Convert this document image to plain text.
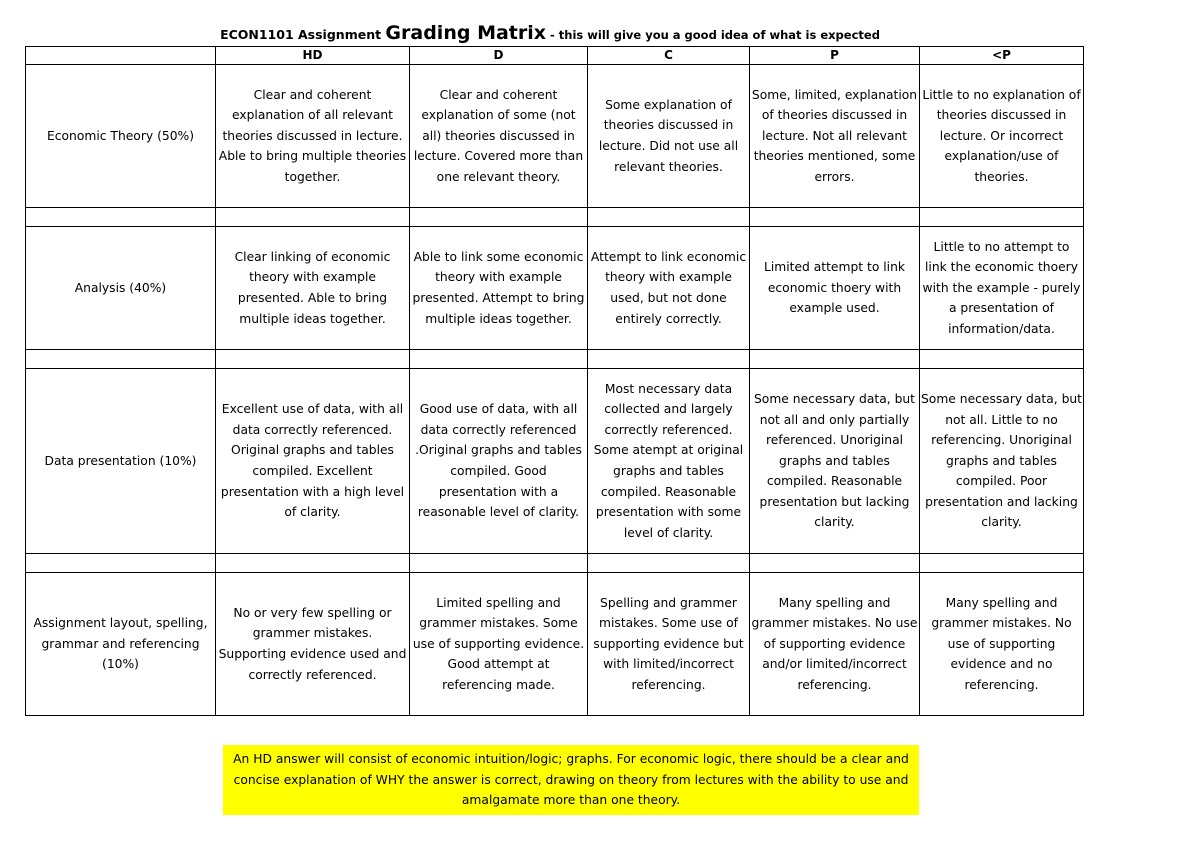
ECON1101 Assignment Grading Matrix - this will give you a good idea of what is expected
	HD	D	C	P	<P
Economic Theory (50%)	Clear and coherent explanation of all relevant theories discussed in lecture. Able to bring multiple theories together.	Clear and coherent explanation of some (not all) theories discussed in lecture. Covered more than one relevant theory.	Some explanation of theories discussed in lecture. Did not use all relevant theories.	Some, limited, explanation of theories discussed in lecture. Not all relevant theories mentioned, some errors.	Little to no explanation of theories discussed in lecture. Or incorrect explanation/use of theories.

Analysis (40%)	Clear linking of economic theory with example presented. Able to bring multiple ideas together.	Able to link some economic theory with example presented. Attempt to bring multiple ideas together.	Attempt to link economic theory with example used, but not done entirely correctly.	Limited attempt to link economic thoery with example used.	Little to no attempt to link the economic thoery with the example - purely a presentation of information/data.

Data presentation (10%)	Excellent use of data, with all data correctly referenced. Original graphs and tables compiled. Excellent presentation with a high level of clarity.	Good use of data, with all data correctly referenced .Original graphs and tables compiled. Good presentation with a reasonable level of clarity.	Most necessary data collected and largely correctly referenced. Some atempt at original graphs and tables compiled. Reasonable presentation with some level of clarity.	Some necessary data, but not all and only partially referenced. Unoriginal graphs and tables compiled. Reasonable presentation but lacking clarity.	Some necessary data, but not all. Little to no referencing. Unoriginal graphs and tables compiled. Poor presentation and lacking clarity.

Assignment layout, spelling, grammar and referencing (10%)	No or very few spelling or grammer mistakes. Supporting evidence used and correctly referenced.	Limited spelling and grammer mistakes. Some use of supporting evidence. Good attempt at referencing made.	Spelling and grammer mistakes. Some use of supporting evidence but with limited/incorrect referencing.	Many spelling and grammer mistakes. No use of supporting evidence and/or limited/incorrect referencing.	Many spelling and grammer mistakes. No use of supporting evidence and no referencing.
An HD answer will consist of economic intuition/logic; graphs. For economic logic, there should be a clear and concise explanation of WHY the answer is correct, drawing on theory from lectures with the ability to use and amalgamate more than one theory.
